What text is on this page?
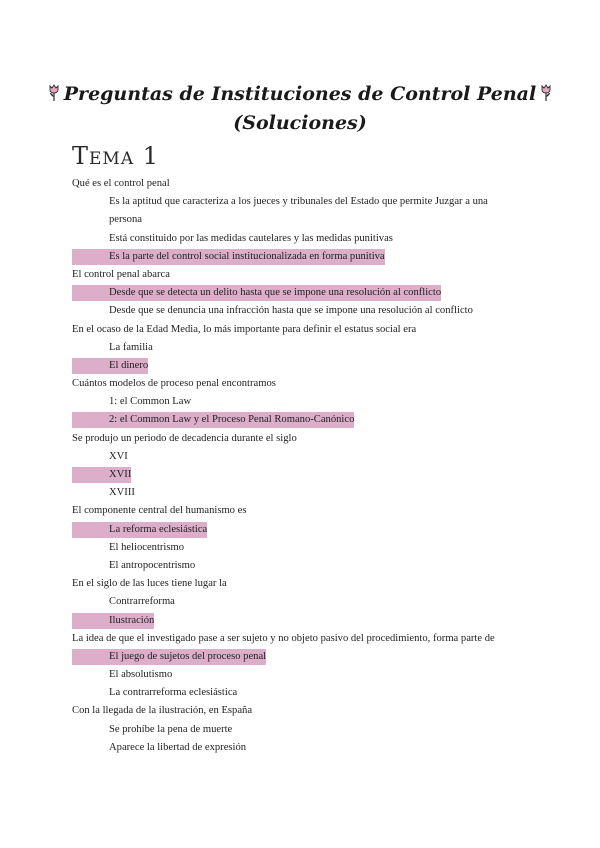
Preguntas de Instituciones de Control Penal
(Soluciones)
Tema 1
Qué es el control penal
Es la aptitud que caracteriza a los jueces y tribunales del Estado que permite Juzgar a una persona
Está constituido por las medidas cautelares y las medidas punitivas
Es la parte del control social institucionalizada en forma punitiva
El control penal abarca
Desde que se detecta un delito hasta que se impone una resolución al conflicto
Desde que se denuncia una infracción hasta que se impone una resolución al conflicto
En el ocaso de la Edad Media, lo más importante para definir el estatus social era
La familia
El dinero
Cuántos modelos de proceso penal encontramos
1: el Common Law
2: el Common Law y el Proceso Penal Romano-Canónico
Se produjo un periodo de decadencia durante el siglo
XVI
XVII
XVIII
El componente central del humanismo es
La reforma eclesiástica
El heliocentrismo
El antropocentrismo
En el siglo de las luces tiene lugar la
Contrarreforma
Ilustración
La idea de que el investigado pase a ser sujeto y no objeto pasivo del procedimiento, forma parte de
El juego de sujetos del proceso penal
El absolutismo
La contrarreforma eclesiástica
Con la llegada de la ilustración, en España
Se prohíbe la pena de muerte
Aparece la libertad de expresión
